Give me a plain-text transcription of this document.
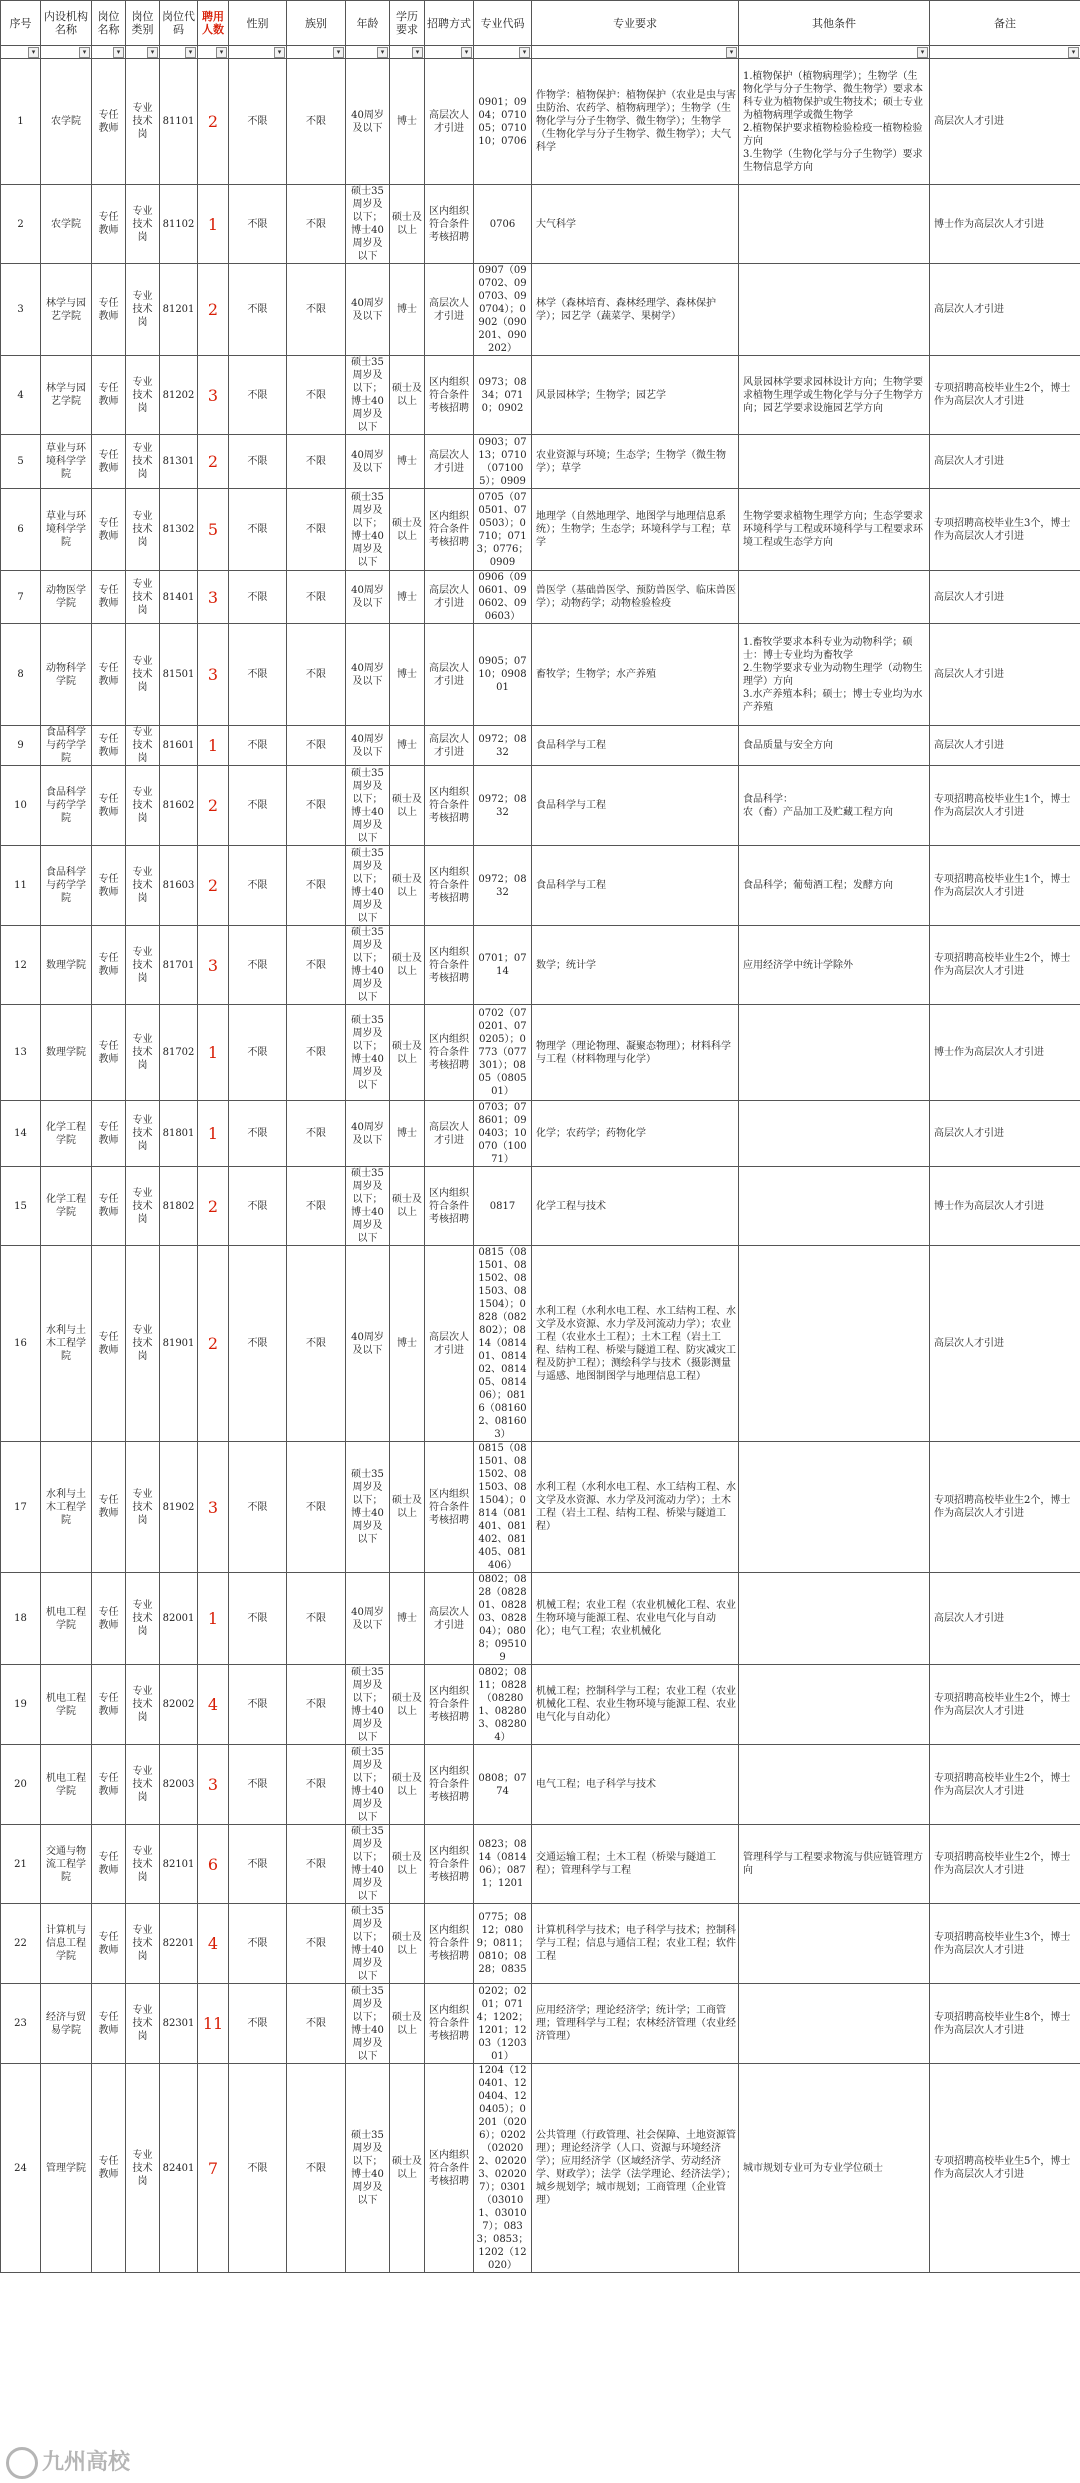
序号	内设机构名称	岗位名称	岗位类别	岗位代码	聘用人数	性别	族别	年龄	学历要求	招聘方式	专业代码	专业要求	其他条件	备注

▾	▾	▾	▾	▾	▾	▾	▾	▾	▾	▾	▾	▾	▾	▾

1	农学院	专任教师	专业技术岗	81101	2	不限	不限	40周岁及以下	博士	高层次人才引进	0901；0904；071005；071010；0706	作物学：植物保护：植物保护（农业是虫与害虫防治、农药学、植物病理学）；生物学（生物化学与分子生物学、微生物学）；生物学（生物化学与分子生物学、微生物学）；大气科学	1.植物保护（植物病理学）；生物学（生物化学与分子生物学、微生物学）要求本科专业为植物保护或生物技术；硕士专业为植物病理学或微生物学
2.植物保护要求植物检验检疫一植物检验方向
3.生物学（生物化学与分子生物学）要求生物信息学方向	高层次人才引进
2	农学院	专任教师	专业技术岗	81102	1	不限	不限	硕士35周岁及以下；博士40周岁及以下	硕士及以上	区内组织符合条件考核招聘	0706	大气科学		博士作为高层次人才引进
3	林学与园艺学院	专任教师	专业技术岗	81201	2	不限	不限	40周岁及以下	博士	高层次人才引进	0907（090702、090703、090704）；0902（090201、090202）	林学（森林培育、森林经理学、森林保护学）；园艺学（蔬菜学、果树学）		高层次人才引进
4	林学与园艺学院	专任教师	专业技术岗	81202	3	不限	不限	硕士35周岁及以下；博士40周岁及以下	硕士及以上	区内组织符合条件考核招聘	0973；0834；0710；0902	风景园林学；生物学；园艺学	风景园林学要求园林设计方向；生物学要求植物生理学或生物化学与分子生物学方向；园艺学要求设施园艺学方向	专项招聘高校毕业生2个，博士作为高层次人才引进
5	草业与环境科学学院	专任教师	专业技术岗	81301	2	不限	不限	40周岁及以下	博士	高层次人才引进	0903；0713；0710（071005）；0909	农业资源与环境；生态学；生物学（微生物学）；草学		高层次人才引进
6	草业与环境科学学院	专任教师	专业技术岗	81302	5	不限	不限	硕士35周岁及以下；博士40周岁及以下	硕士及以上	区内组织符合条件考核招聘	0705（070501、070503）；0710；0713；0776；0909	地理学（自然地理学、地图学与地理信息系统）；生物学；生态学；环境科学与工程；草学	生物学要求植物生理学方向；生态学要求环境科学与工程或环境科学与工程要求环境工程或生态学方向	专项招聘高校毕业生3个，博士作为高层次人才引进
7	动物医学学院	专任教师	专业技术岗	81401	3	不限	不限	40周岁及以下	博士	高层次人才引进	0906（090601、090602、090603）	兽医学（基础兽医学、预防兽医学、临床兽医学）；动物药学；动物检验检疫		高层次人才引进
8	动物科学学院	专任教师	专业技术岗	81501	3	不限	不限	40周岁及以下	博士	高层次人才引进	0905；0710；090801	畜牧学；生物学；水产养殖	1.畜牧学要求本科专业为动物科学；硕士：博士专业均为畜牧学
2.生物学要求专业为动物生理学（动物生理学）方向
3.水产养殖本科；硕士；博士专业均为水产养殖	高层次人才引进
9	食品科学与药学学院	专任教师	专业技术岗	81601	1	不限	不限	40周岁及以下	博士	高层次人才引进	0972；0832	食品科学与工程	食品质量与安全方向	高层次人才引进
10	食品科学与药学学院	专任教师	专业技术岗	81602	2	不限	不限	硕士35周岁及以下；博士40周岁及以下	硕士及以上	区内组织符合条件考核招聘	0972；0832	食品科学与工程	食品科学：
农（畜）产品加工及贮藏工程方向	专项招聘高校毕业生1个，博士作为高层次人才引进
11	食品科学与药学学院	专任教师	专业技术岗	81603	2	不限	不限	硕士35周岁及以下；博士40周岁及以下	硕士及以上	区内组织符合条件考核招聘	0972；0832	食品科学与工程	食品科学；葡萄酒工程；发酵方向	专项招聘高校毕业生1个，博士作为高层次人才引进
12	数理学院	专任教师	专业技术岗	81701	3	不限	不限	硕士35周岁及以下；博士40周岁及以下	硕士及以上	区内组织符合条件考核招聘	0701；0714	数学；统计学	应用经济学中统计学除外	专项招聘高校毕业生2个，博士作为高层次人才引进
13	数理学院	专任教师	专业技术岗	81702	1	不限	不限	硕士35周岁及以下；博士40周岁及以下	硕士及以上	区内组织符合条件考核招聘	0702（070201、070205）；0773（077301）；0805（080501）	物理学（理论物理、凝聚态物理）；材料科学与工程（材料物理与化学）		博士作为高层次人才引进
14	化学工程学院	专任教师	专业技术岗	81801	1	不限	不限	40周岁及以下	博士	高层次人才引进	0703；078601；090403；10070（10071）	化学；农药学；药物化学		高层次人才引进
15	化学工程学院	专任教师	专业技术岗	81802	2	不限	不限	硕士35周岁及以下；博士40周岁及以下	硕士及以上	区内组织符合条件考核招聘	0817	化学工程与技术		博士作为高层次人才引进
16	水利与土木工程学院	专任教师	专业技术岗	81901	2	不限	不限	40周岁及以下	博士	高层次人才引进	0815（081501、081502、081503、081504）；0828（082802）；0814（081401、081402、081405、081406）；0816（081602、081603）	水利工程（水利水电工程、水工结构工程、水文学及水资源、水力学及河流动力学）；农业工程（农业水土工程）；土木工程（岩土工程、结构工程、桥梁与隧道工程、防灾减灾工程及防护工程）；测绘科学与技术（摄影测量与遥感、地图制图学与地理信息工程）		高层次人才引进
17	水利与土木工程学院	专任教师	专业技术岗	81902	3	不限	不限	硕士35周岁及以下；博士40周岁及以下	硕士及以上	区内组织符合条件考核招聘	0815（081501、081502、081503、081504）；0814（081401、081402、081405、081406）	水利工程（水利水电工程、水工结构工程、水文学及水资源、水力学及河流动力学）；土木工程（岩土工程、结构工程、桥梁与隧道工程）		专项招聘高校毕业生2个，博士作为高层次人才引进
18	机电工程学院	专任教师	专业技术岗	82001	1	不限	不限	40周岁及以下	博士	高层次人才引进	0802；0828（082801、082803、082804）；0808；095109	机械工程；农业工程（农业机械化工程、农业生物环境与能源工程、农业电气化与自动化）；电气工程；农业机械化		高层次人才引进
19	机电工程学院	专任教师	专业技术岗	82002	4	不限	不限	硕士35周岁及以下；博士40周岁及以下	硕士及以上	区内组织符合条件考核招聘	0802；0811；0828（082801、082803、082804）	机械工程；控制科学与工程；农业工程（农业机械化工程、农业生物环境与能源工程、农业电气化与自动化）		专项招聘高校毕业生2个，博士作为高层次人才引进
20	机电工程学院	专任教师	专业技术岗	82003	3	不限	不限	硕士35周岁及以下；博士40周岁及以下	硕士及以上	区内组织符合条件考核招聘	0808；0774	电气工程；电子科学与技术		专项招聘高校毕业生2个，博士作为高层次人才引进
21	交通与物流工程学院	专任教师	专业技术岗	82101	6	不限	不限	硕士35周岁及以下；博士40周岁及以下	硕士及以上	区内组织符合条件考核招聘	0823；0814（081406）；0871；1201	交通运输工程；土木工程（桥梁与隧道工程）；管理科学与工程	管理科学与工程要求物流与供应链管理方向	专项招聘高校毕业生2个，博士作为高层次人才引进
22	计算机与信息工程学院	专任教师	专业技术岗	82201	4	不限	不限	硕士35周岁及以下；博士40周岁及以下	硕士及以上	区内组织符合条件考核招聘	0775；0812；0809；0811；0810；0828；0835	计算机科学与技术；电子科学与技术；控制科学与工程；信息与通信工程；农业工程；软件工程		专项招聘高校毕业生3个，博士作为高层次人才引进
23	经济与贸易学院	专任教师	专业技术岗	82301	11	不限	不限	硕士35周岁及以下；博士40周岁及以下	硕士及以上	区内组织符合条件考核招聘	0202；0201；0714；1202；1201；1203（120301）	应用经济学；理论经济学；统计学；工商管理；管理科学与工程；农林经济管理（农业经济管理）		专项招聘高校毕业生8个，博士作为高层次人才引进
24	管理学院	专任教师	专业技术岗	82401	7	不限	不限	硕士35周岁及以下；博士40周岁及以下	硕士及以上	区内组织符合条件考核招聘	1204（120401、120404、120405）；0201（0206）；0202（020202、020203、020207）；0301（030101、030107）；0833；0853；1202（12020）	公共管理（行政管理、社会保障、土地资源管理）；理论经济学（人口、资源与环境经济学）；应用经济学（区域经济学、劳动经济学、财政学）；法学（法学理论、经济法学）；城乡规划学；城市规划；工商管理（企业管理）	城市规划专业可为专业学位硕士	专项招聘高校毕业生5个，博士作为高层次人才引进
九州高校
